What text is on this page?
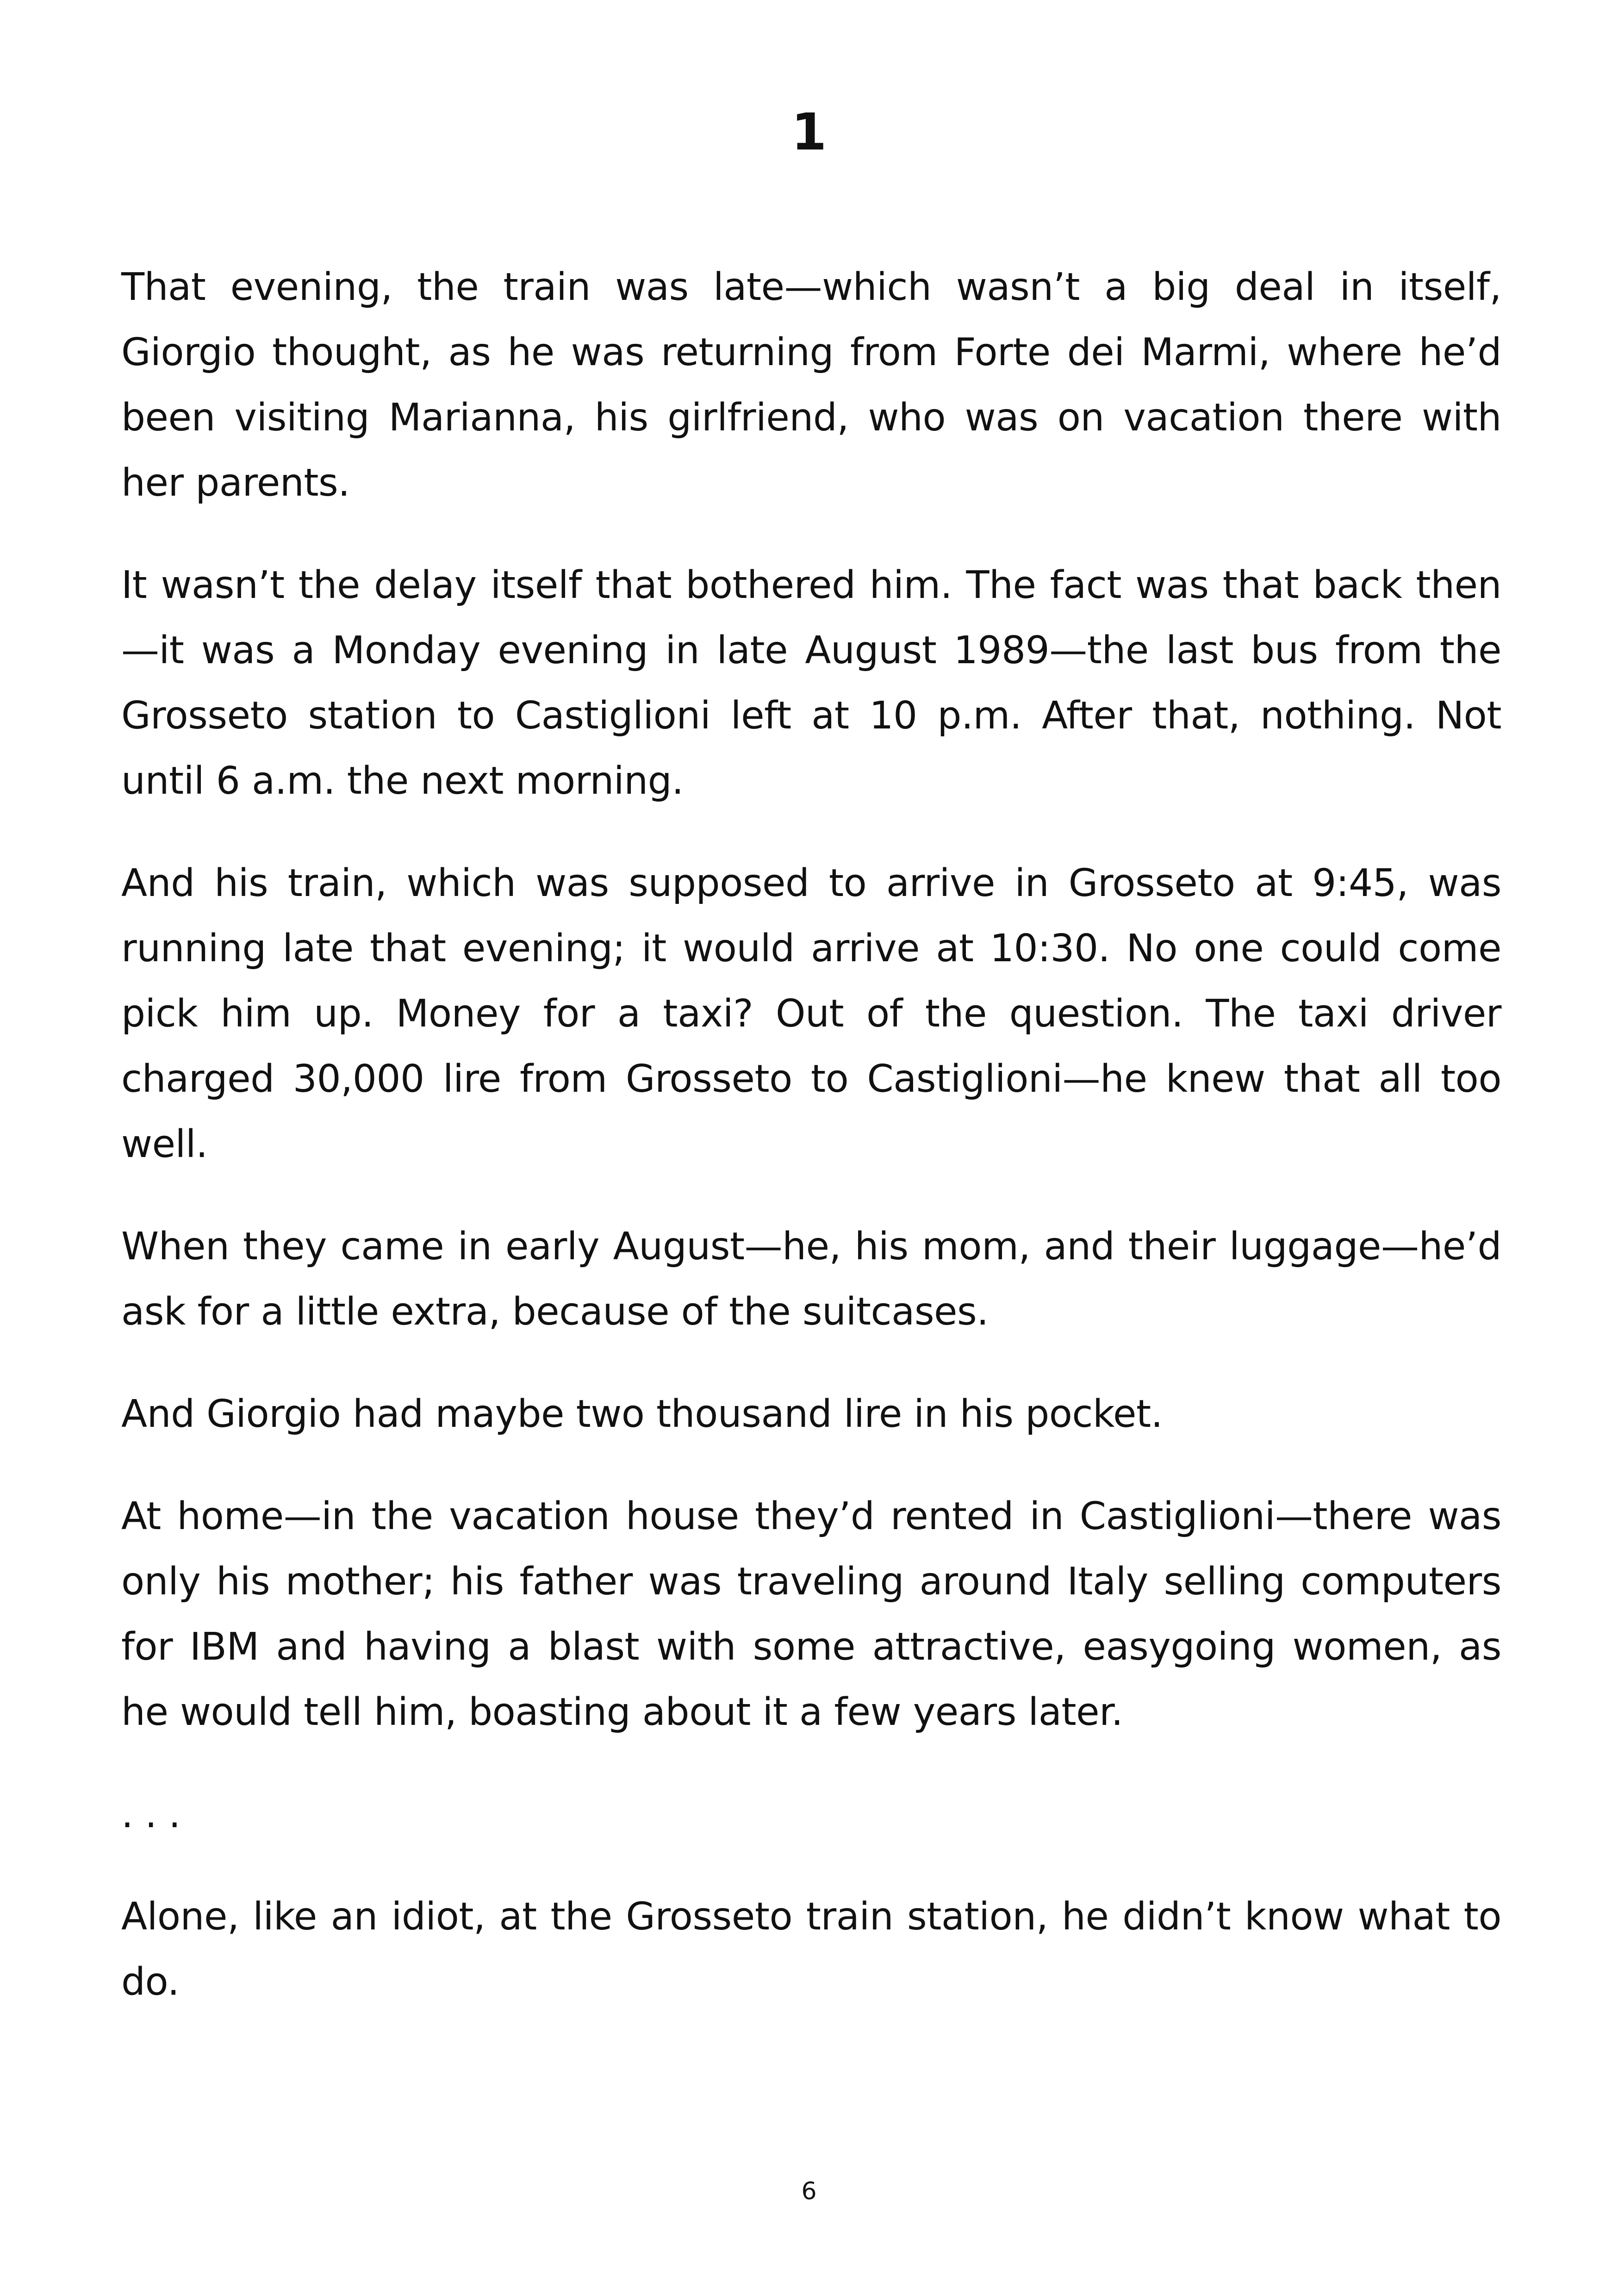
1

That evening, the train was late—which wasn’t a big deal in itself, Giorgio thought, as he was returning from Forte dei Marmi, where he’d been visiting Marianna, his girlfriend, who was on vacation there with her parents.

It wasn’t the delay itself that bothered him. The fact was that back then—it was a Monday evening in late August 1989—the last bus from the Grosseto station to Castiglioni left at 10 p.m. After that, nothing. Not until 6 a.m. the next morning.

And his train, which was supposed to arrive in Grosseto at 9:45, was running late that evening; it would arrive at 10:30. No one could come pick him up. Money for a taxi? Out of the question. The taxi driver charged 30,000 lire from Grosseto to Castiglioni—he knew that all too well.

When they came in early August—he, his mom, and their luggage—he’d ask for a little extra, because of the suitcases.

And Giorgio had maybe two thousand lire in his pocket.

At home—in the vacation house they’d rented in Castiglioni—there was only his mother; his father was traveling around Italy selling computers for IBM and having a blast with some attractive, easygoing women, as he would tell him, boasting about it a few years later.

. . .

Alone, like an idiot, at the Grosseto train station, he didn’t know what to do.

6
